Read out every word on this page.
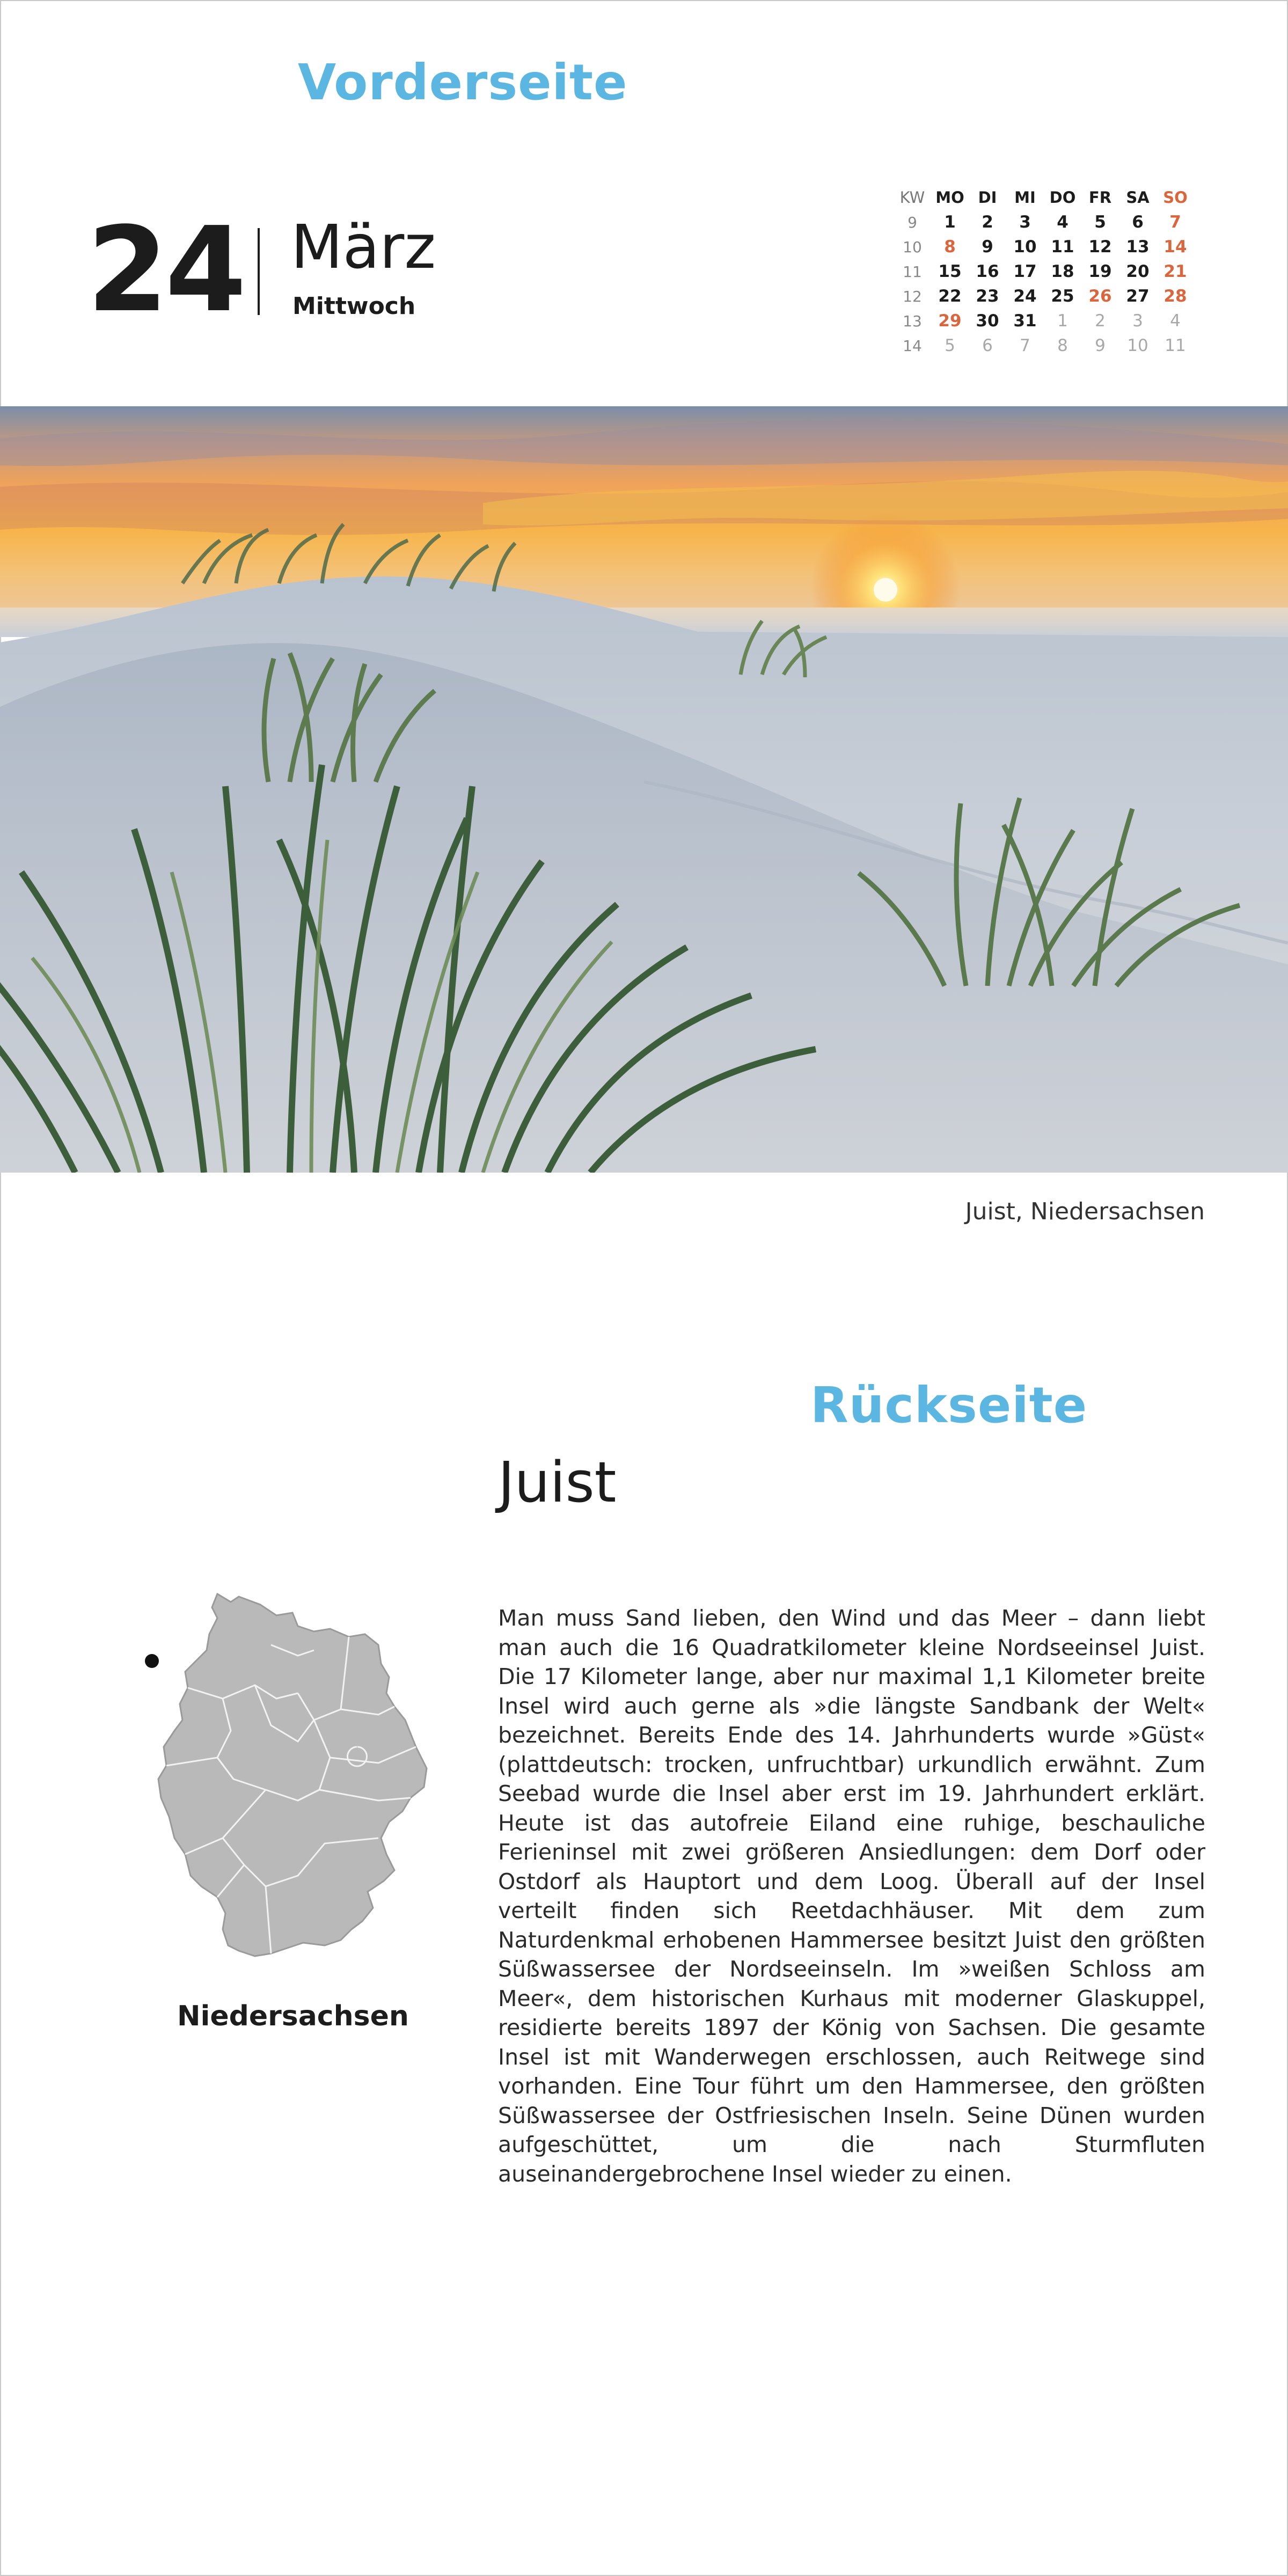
Vorderseite
24 März
Mittwoch
KW	MO	DI	MI	DO	FR	SA	SO
9	1	2	3	4	5	6	7
10	8	9	10	11	12	13	14
11	15	16	17	18	19	20	21
12	22	23	24	25	26	27	28
13	29	30	31	1	2	3	4
14	5	6	7	8	9	10	11
Juist, Niedersachsen
Rückseite
Juist
Man muss Sand lieben, den Wind und das Meer – dann liebt man auch die 16 Quadratkilometer kleine Nordseeinsel Juist. Die 17 Kilometer lange, aber nur maximal 1,1 Kilometer breite Insel wird auch gerne als »die längste Sandbank der Welt« bezeichnet. Bereits Ende des 14. Jahrhunderts wurde »Güst« (plattdeutsch: trocken, unfruchtbar) urkundlich erwähnt. Zum Seebad wurde die Insel aber erst im 19. Jahrhundert erklärt. Heute ist das autofreie Eiland eine ruhige, beschauliche Ferieninsel mit zwei größeren Ansiedlungen: dem Dorf oder Ostdorf als Hauptort und dem Loog. Überall auf der Insel verteilt finden sich Reetdachhäuser. Mit dem zum Naturdenkmal erhobenen Hammersee besitzt Juist den größten Süßwassersee der Nordseeinseln. Im »weißen Schloss am Meer«, dem historischen Kurhaus mit moderner Glaskuppel, residierte bereits 1897 der König von Sachsen. Die gesamte Insel ist mit Wanderwegen erschlossen, auch Reitwege sind vorhanden. Eine Tour führt um den Hammersee, den größten Süßwassersee der Ostfriesischen Inseln. Seine Dünen wurden aufgeschüttet, um die nach Sturmfluten auseinandergebrochene Insel wieder zu einen.
Niedersachsen
